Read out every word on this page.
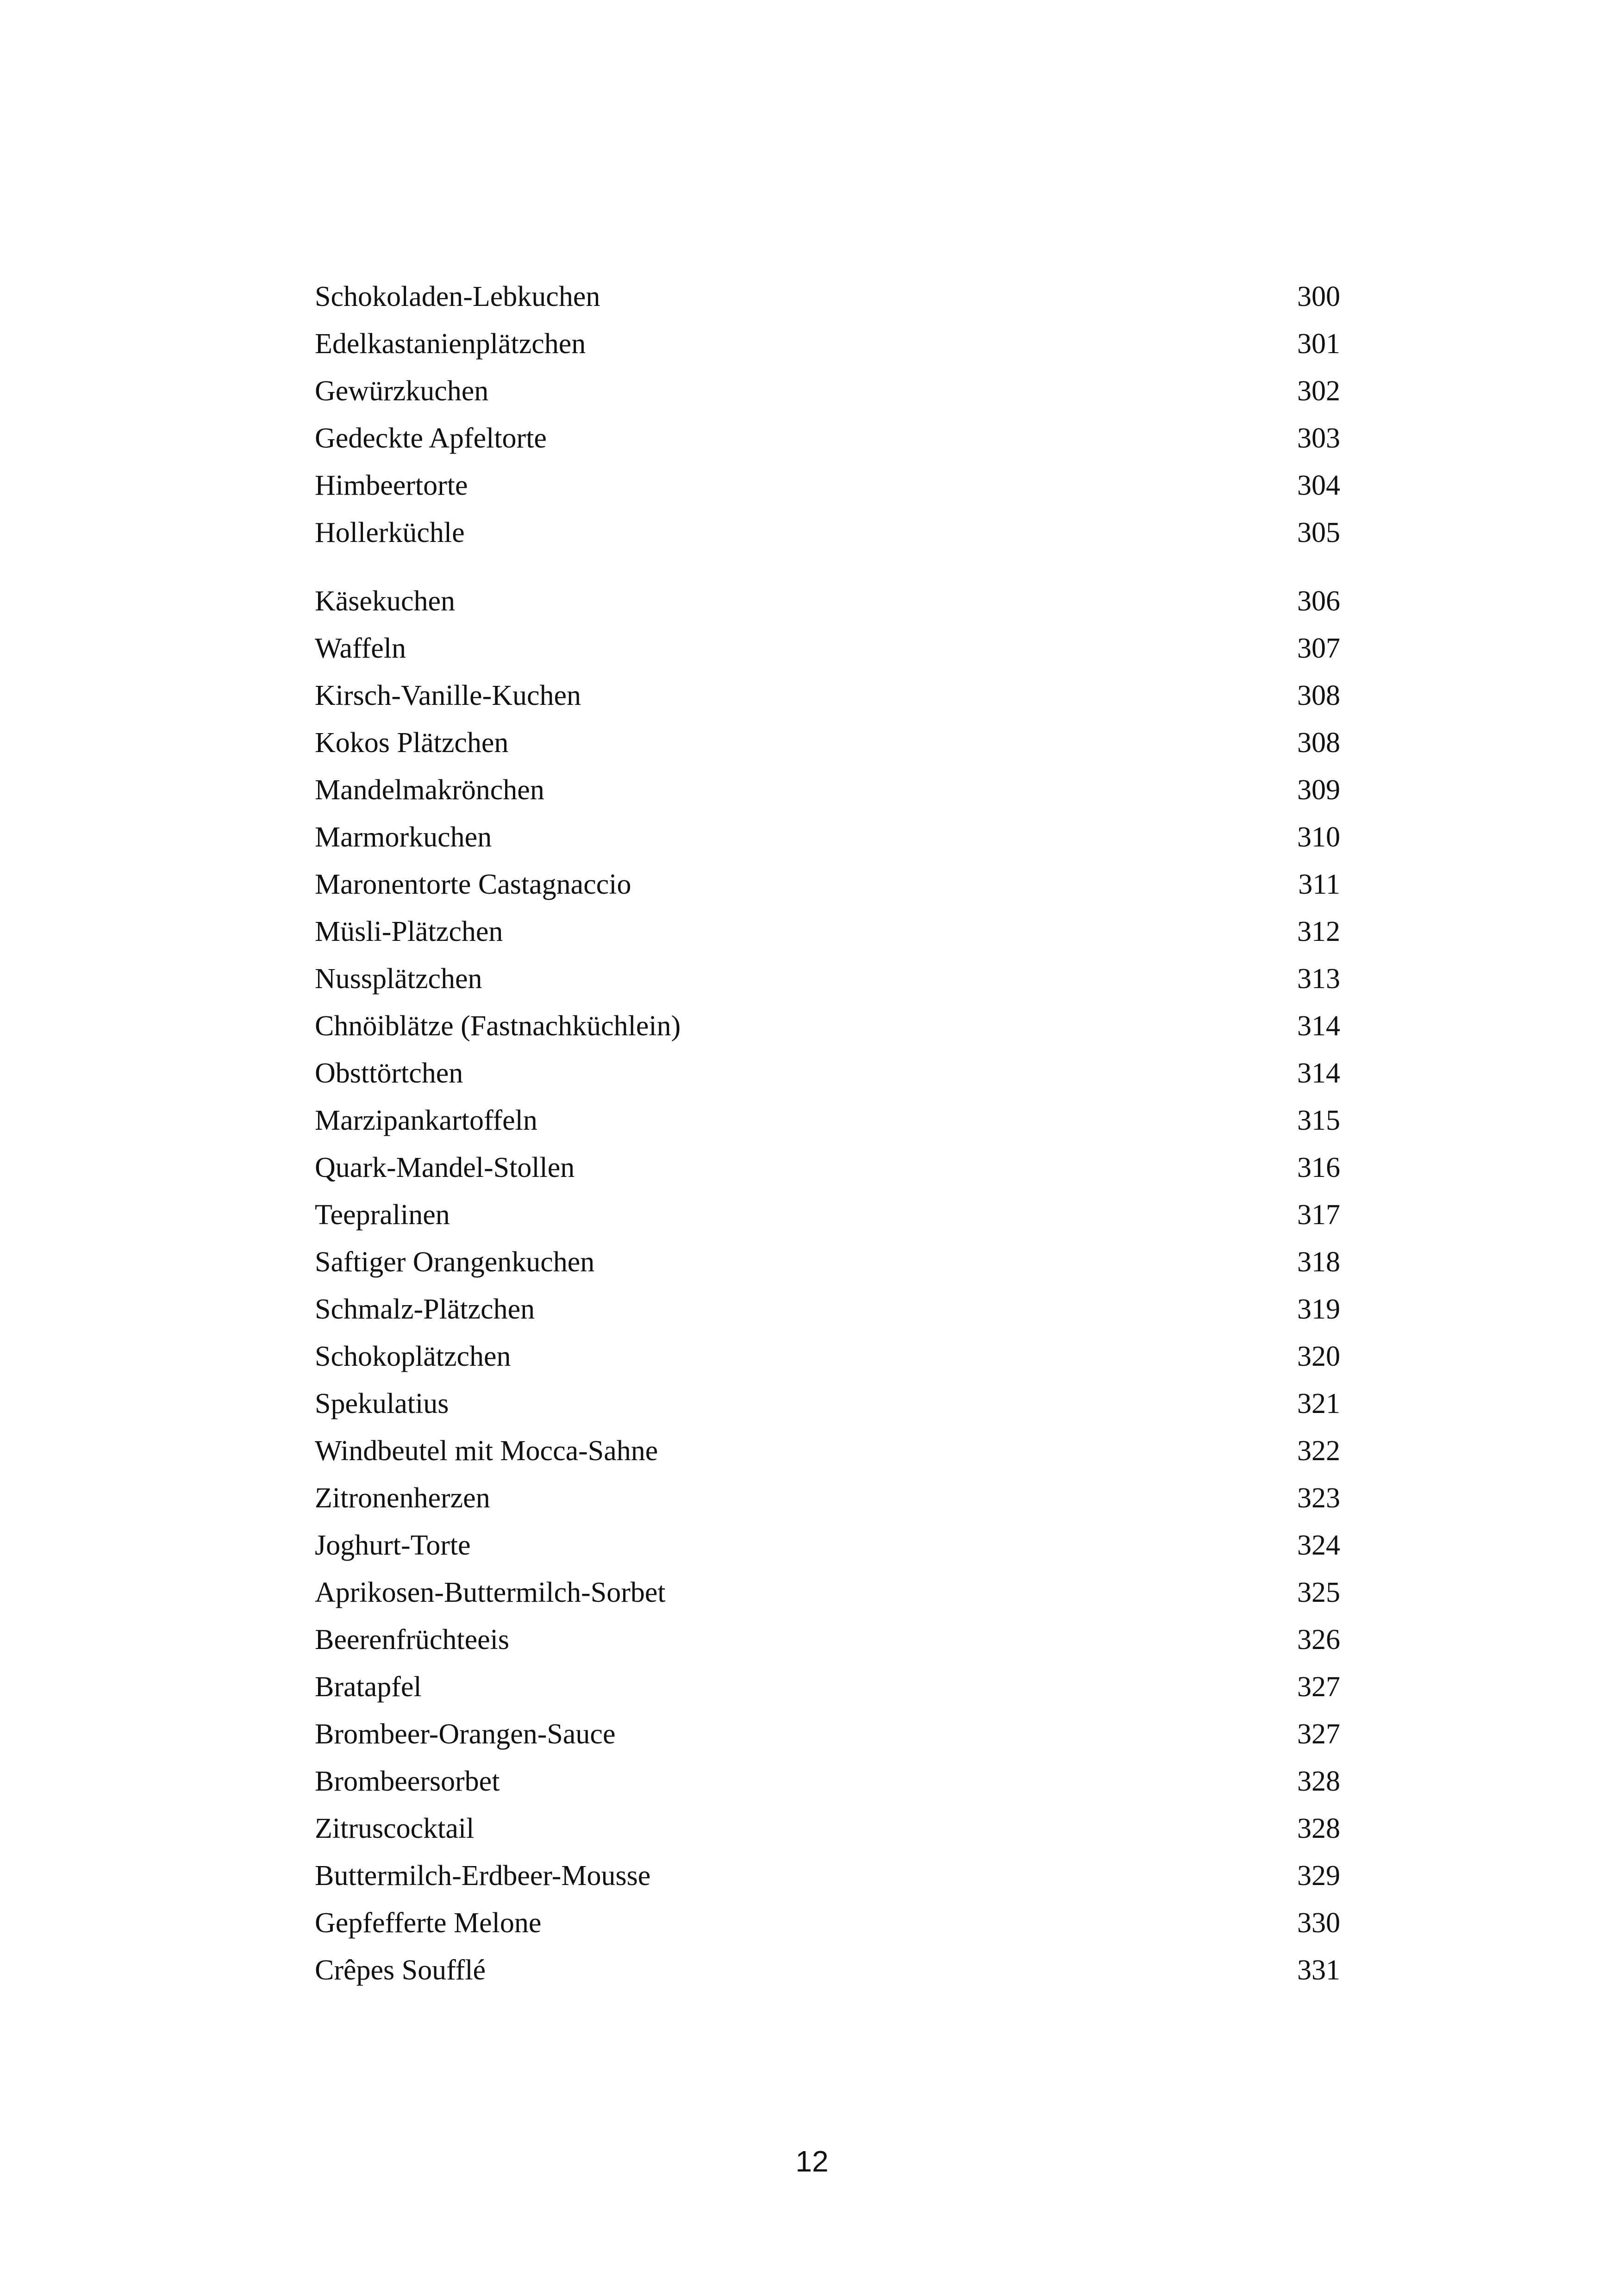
Schokoladen-Lebkuchen	300
Edelkastanienplätzchen	301
Gewürzkuchen	302
Gedeckte Apfeltorte	303
Himbeertorte	304
Hollerküchle	305
Käsekuchen	306
Waffeln	307
Kirsch-Vanille-Kuchen	308
Kokos Plätzchen	308
Mandelmakrönchen	309
Marmorkuchen	310
Maronentorte Castagnaccio	311
Müsli-Plätzchen	312
Nussplätzchen	313
Chnöiblätze (Fastnachküchlein)	314
Obsttörtchen	314
Marzipankartoffeln	315
Quark-Mandel-Stollen	316
Teepralinen	317
Saftiger Orangenkuchen	318
Schmalz-Plätzchen	319
Schokoplätzchen	320
Spekulatius	321
Windbeutel mit Mocca-Sahne	322
Zitronenherzen	323
Joghurt-Torte	324
Aprikosen-Buttermilch-Sorbet	325
Beerenfrüchteeis	326
Bratapfel	327
Brombeer-Orangen-Sauce	327
Brombeersorbet	328
Zitruscocktail	328
Buttermilch-Erdbeer-Mousse	329
Gepfefferte Melone	330
Crêpes Soufflé	331
12
